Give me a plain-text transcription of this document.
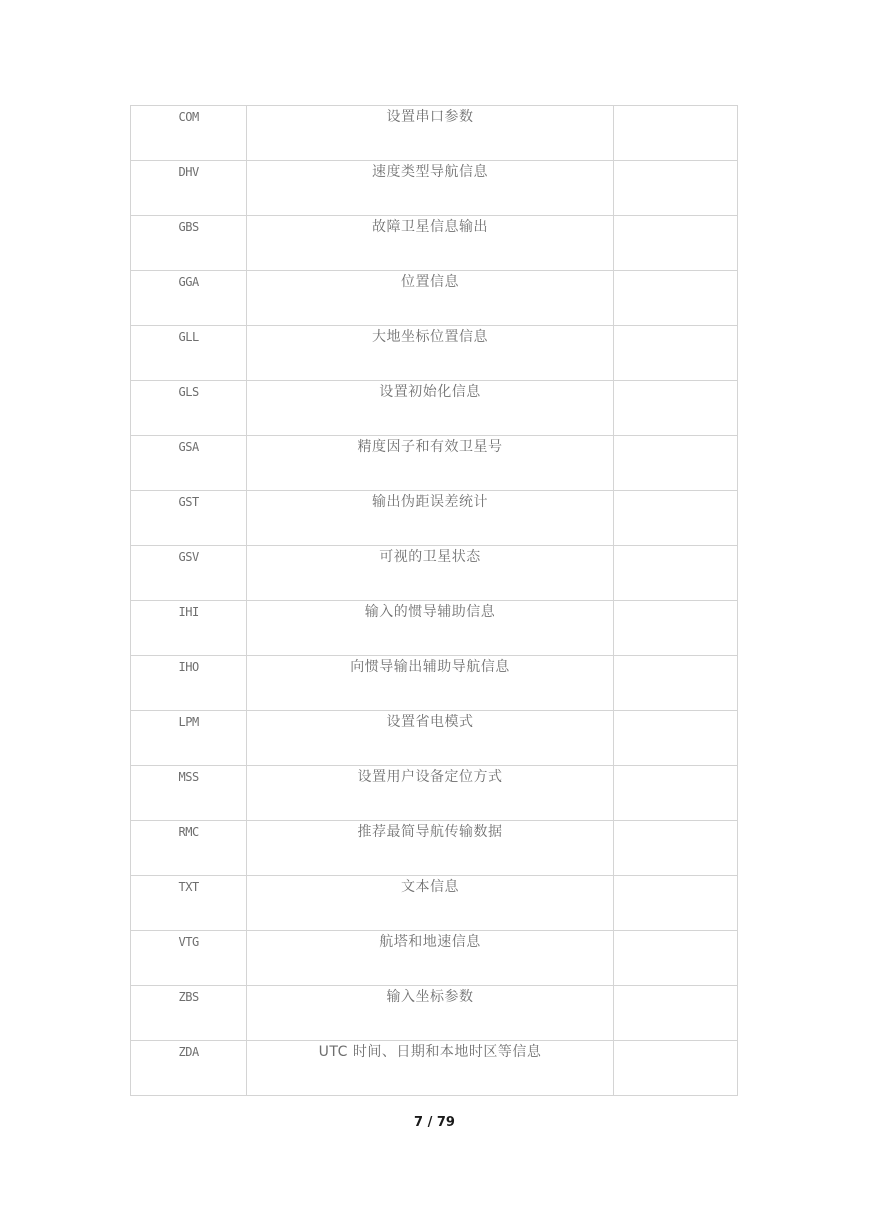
COM	设置串口参数	

DHV	速度类型导航信息	

GBS	故障卫星信息输出	

GGA	位置信息	

GLL	大地坐标位置信息	

GLS	设置初始化信息	

GSA	精度因子和有效卫星号	

GST	输出伪距误差统计	

GSV	可视的卫星状态	

IHI	输入的惯导辅助信息	

IHO	向惯导输出辅助导航信息	

LPM	设置省电模式	

MSS	设置用户设备定位方式	

RMC	推荐最简导航传输数据	

TXT	文本信息	

VTG	航塔和地速信息	

ZBS	输入坐标参数	

ZDA	UTC 时间、日期和本地时区等信息	

7 / 79
